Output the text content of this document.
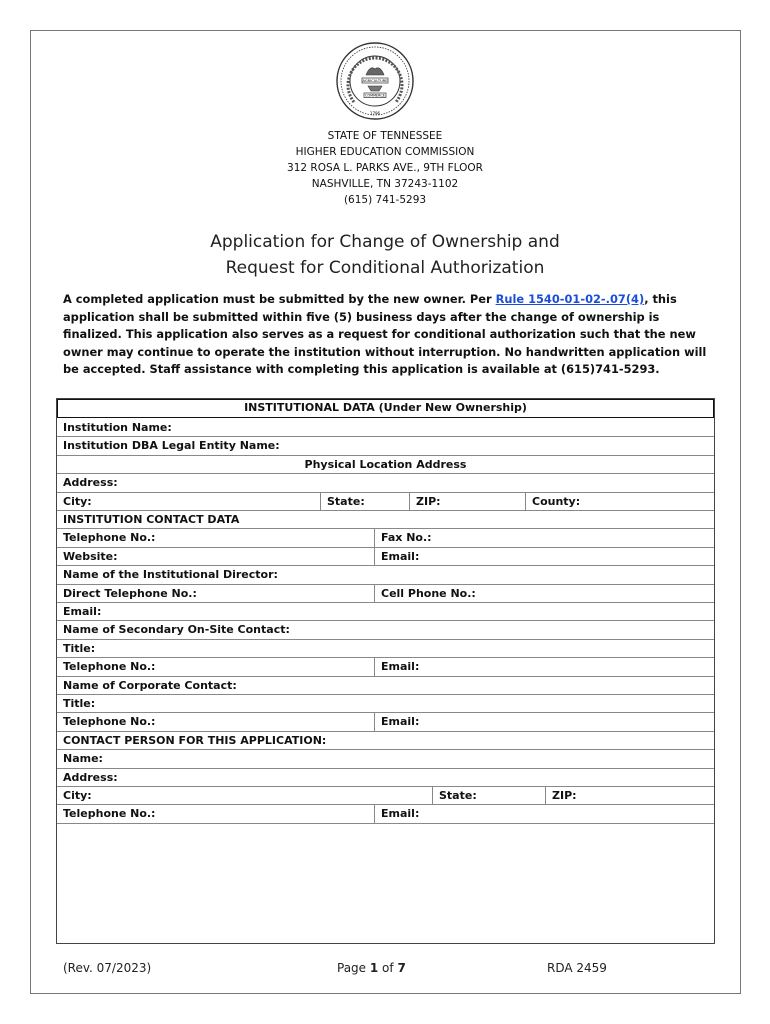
AGRICULTURE
COMMERCE
1796
STATE OF TENNESSEE
HIGHER EDUCATION COMMISSION
312 ROSA L. PARKS AVE., 9TH FLOOR
NASHVILLE, TN 37243-1102
(615) 741-5293
Application for Change of Ownership and
Request for Conditional Authorization
A completed application must be submitted by the new owner. Per Rule 1540-01-02-.07(4), this application shall be submitted within five (5) business days after the change of ownership is finalized. This application also serves as a request for conditional authorization such that the new owner may continue to operate the institution without interruption. No handwritten application will be accepted. Staff assistance with completing this application is available at (615)741-5293.
INSTITUTIONAL DATA (Under New Ownership)
Institution Name:
Institution DBA Legal Entity Name:
Physical Location Address
Address:
City:	State:	ZIP:	County:
INSTITUTION CONTACT DATA
Telephone No.:	Fax No.:
Website:	Email:
Name of the Institutional Director:
Direct Telephone No.:	Cell Phone No.:
Email:
Name of Secondary On-Site Contact:
Title:
Telephone No.:	Email:
Name of Corporate Contact:
Title:
Telephone No.:	Email:
CONTACT PERSON FOR THIS APPLICATION:
Name:
Address:
City:	State:	ZIP:
Telephone No.:	Email:
(Rev. 07/2023)	Page 1 of 7	RDA 2459
